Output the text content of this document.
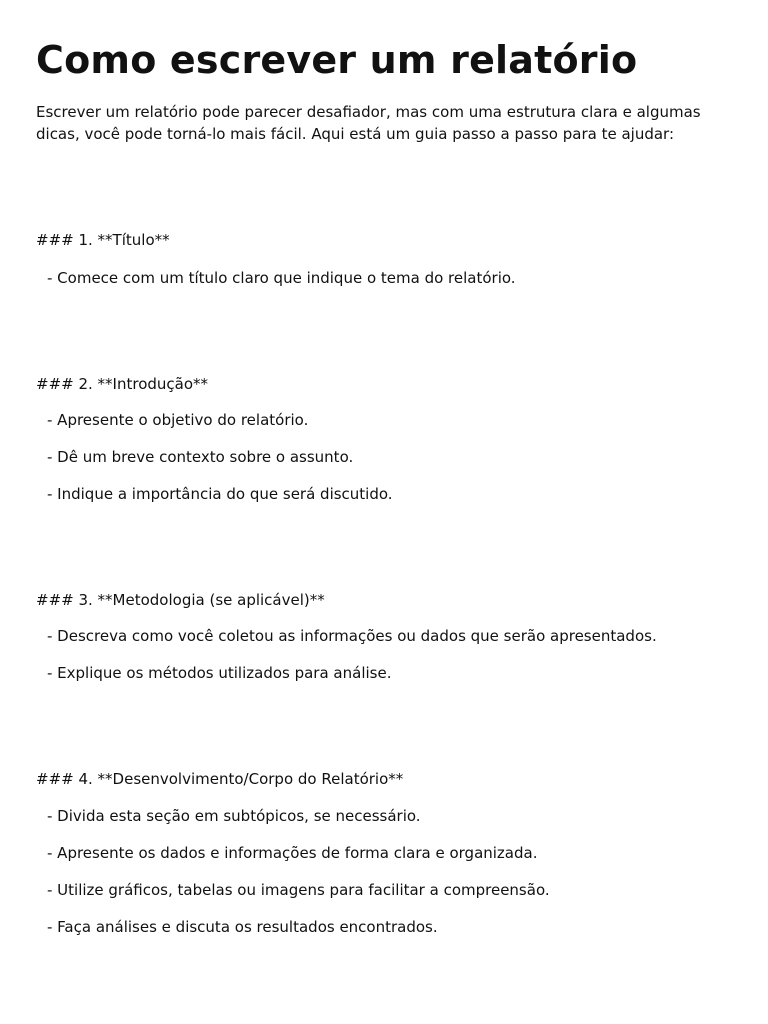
Como escrever um relatório

Escrever um relatório pode parecer desafiador, mas com uma estrutura clara e algumas dicas, você pode torná-lo mais fácil. Aqui está um guia passo a passo para te ajudar:

### 1. **Título**

- Comece com um título claro que indique o tema do relatório.

### 2. **Introdução**

- Apresente o objetivo do relatório.

- Dê um breve contexto sobre o assunto.

- Indique a importância do que será discutido.

### 3. **Metodologia (se aplicável)**

- Descreva como você coletou as informações ou dados que serão apresentados.

- Explique os métodos utilizados para análise.

### 4. **Desenvolvimento/Corpo do Relatório**

- Divida esta seção em subtópicos, se necessário.

- Apresente os dados e informações de forma clara e organizada.

- Utilize gráficos, tabelas ou imagens para facilitar a compreensão.

- Faça análises e discuta os resultados encontrados.
